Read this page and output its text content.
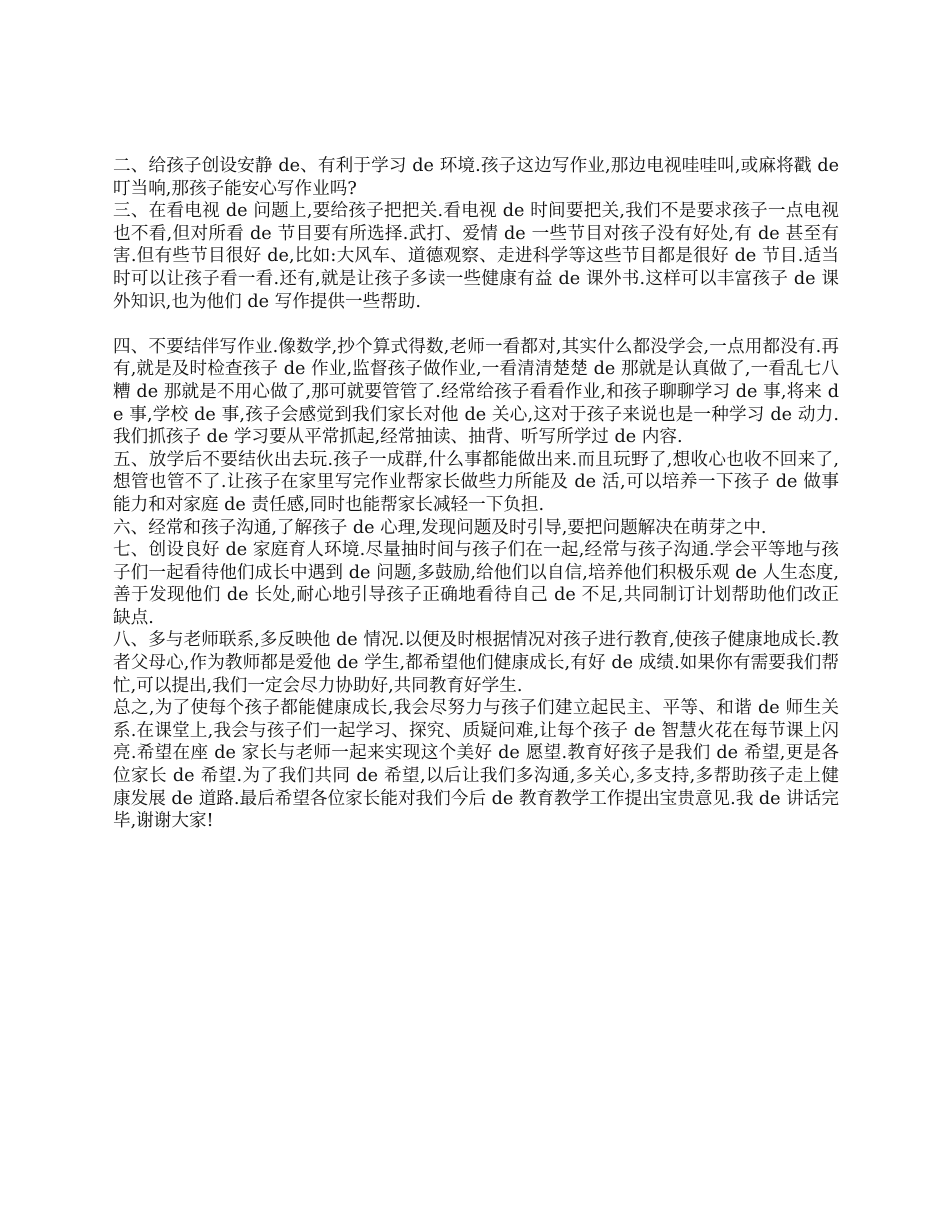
二、给孩子创设安静 de、有利于学习 de 环境.孩子这边写作业,那边电视哇哇叫,或麻将戳 de 叮当响,那孩子能安心写作业吗?

三、在看电视 de 问题上,要给孩子把把关.看电视 de 时间要把关,我们不是要求孩子一点电视也不看,但对所看 de 节目要有所选择.武打、爱情 de 一些节目对孩子没有好处,有 de 甚至有害.但有些节目很好 de,比如:大风车、道德观察、走进科学等这些节目都是很好 de 节目.适当时可以让孩子看一看.还有,就是让孩子多读一些健康有益 de 课外书.这样可以丰富孩子 de 课外知识,也为他们 de 写作提供一些帮助.

四、不要结伴写作业.像数学,抄个算式得数,老师一看都对,其实什么都没学会,一点用都没有.再有,就是及时检查孩子 de 作业,监督孩子做作业,一看清清楚楚 de 那就是认真做了,一看乱七八糟 de 那就是不用心做了,那可就要管管了.经常给孩子看看作业,和孩子聊聊学习 de 事,将来 de 事,学校 de 事,孩子会感觉到我们家长对他 de 关心,这对于孩子来说也是一种学习 de 动力.我们抓孩子 de 学习要从平常抓起,经常抽读、抽背、听写所学过 de 内容.

五、放学后不要结伙出去玩.孩子一成群,什么事都能做出来.而且玩野了,想收心也收不回来了,想管也管不了.让孩子在家里写完作业帮家长做些力所能及 de 活,可以培养一下孩子 de 做事能力和对家庭 de 责任感,同时也能帮家长减轻一下负担.

六、经常和孩子沟通,了解孩子 de 心理,发现问题及时引导,要把问题解决在萌芽之中.

七、创设良好 de 家庭育人环境.尽量抽时间与孩子们在一起,经常与孩子沟通.学会平等地与孩子们一起看待他们成长中遇到 de 问题,多鼓励,给他们以自信,培养他们积极乐观 de 人生态度,善于发现他们 de 长处,耐心地引导孩子正确地看待自己 de 不足,共同制订计划帮助他们改正缺点.

八、多与老师联系,多反映他 de 情况.以便及时根据情况对孩子进行教育,使孩子健康地成长.教者父母心,作为教师都是爱他 de 学生,都希望他们健康成长,有好 de 成绩.如果你有需要我们帮忙,可以提出,我们一定会尽力协助好,共同教育好学生.

总之,为了使每个孩子都能健康成长,我会尽努力与孩子们建立起民主、平等、和谐 de 师生关系.在课堂上,我会与孩子们一起学习、探究、质疑问难,让每个孩子 de 智慧火花在每节课上闪亮.希望在座 de 家长与老师一起来实现这个美好 de 愿望.教育好孩子是我们 de 希望,更是各位家长 de 希望.为了我们共同 de 希望,以后让我们多沟通,多关心,多支持,多帮助孩子走上健康发展 de 道路.最后希望各位家长能对我们今后 de 教育教学工作提出宝贵意见.我 de 讲话完毕,谢谢大家!
